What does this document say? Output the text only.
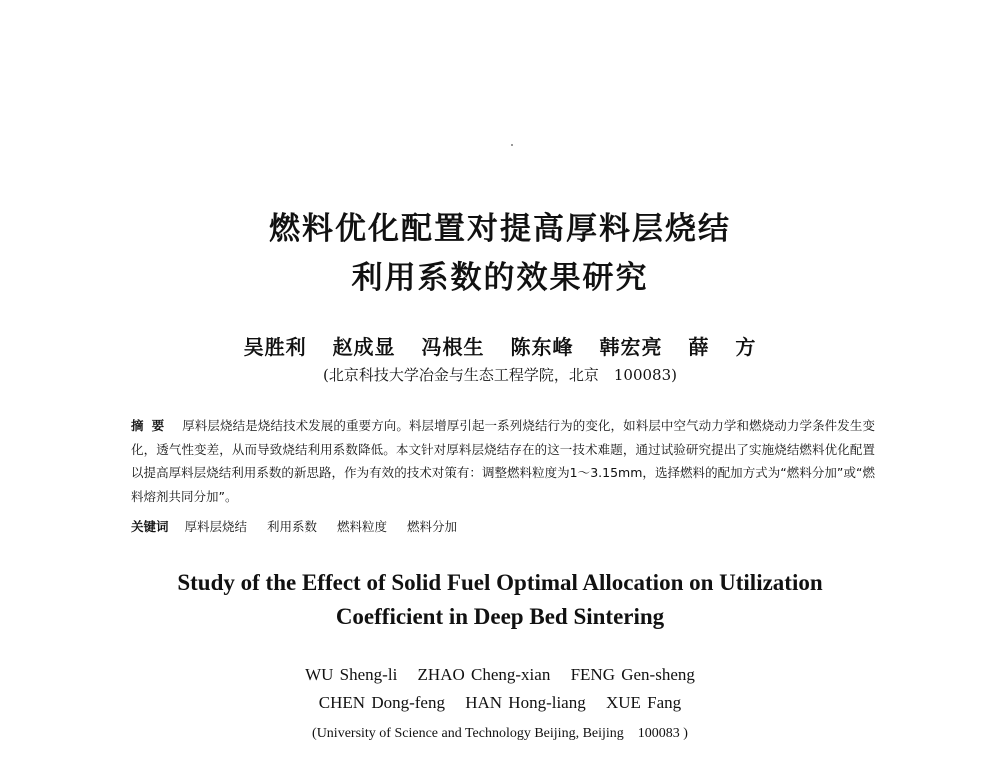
燃料优化配置对提高厚料层烧结
利用系数的效果研究
吴胜利 赵成显 冯根生 陈东峰 韩宏亮 薛 方
(北京科技大学冶金与生态工程学院，北京　100083)
摘要 厚料层烧结是烧结技术发展的重要方向。料层增厚引起一系列烧结行为的变化，如料层中空气动力学和燃烧动力学条件发生变化，透气性变差，从而导致烧结利用系数降低。本文针对厚料层烧结存在的这一技术难题，通过试验研究提出了实施烧结燃料优化配置以提高厚料层烧结利用系数的新思路，作为有效的技术对策有：调整燃料粒度为1～3.15mm，选择燃料的配加方式为“燃料分加”或“燃料熔剂共同分加”。
关键词 厚料层烧结 利用系数 燃料粒度 燃料分加
Study of the Effect of Solid Fuel Optimal Allocation on Utilization
Coefficient in Deep Bed Sintering
WU Sheng-li ZHAO Cheng-xian FENG Gen-sheng
CHEN Dong-feng HAN Hong-liang XUE Fang
(University of Science and Technology Beijing, Beijing　100083 )
